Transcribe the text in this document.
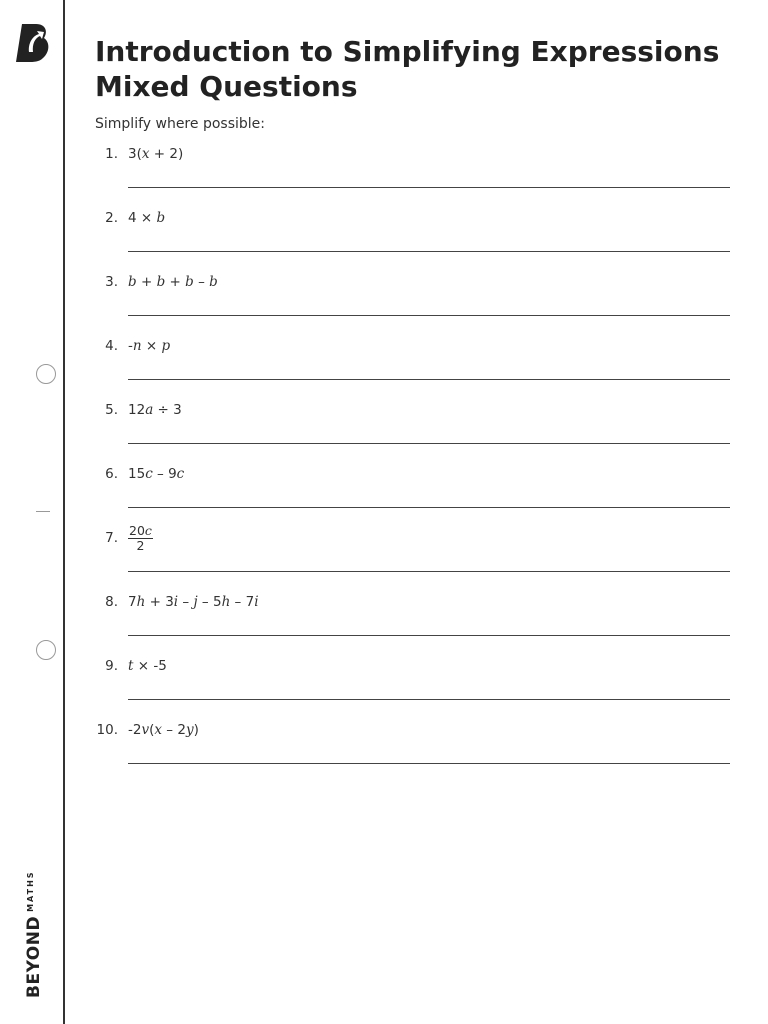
$BEYOND^{MATHS}$
Introduction to Simplifying Expressions
Mixed Questions
Simplify where possible:
1. 3(x + 2)
2. 4 × b
3. b + b + b – b
4. -n × p
5. 12a ÷ 3
6. 15c – 9c
7. $\frac{20c}{2}$
8. 7h + 3i – j – 5h – 7i
9. t × -5
10. -2v(x – 2y)
